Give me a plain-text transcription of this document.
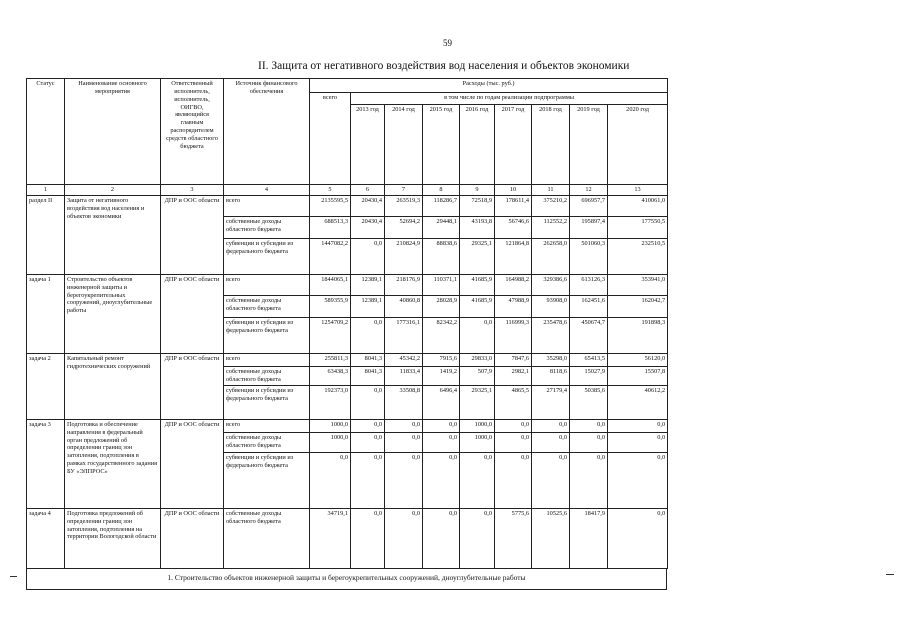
59
II. Защита от негативного воздействия вод населения и объектов экономики
Статус	Наименование основного мероприятия	Ответственный исполнитель, исполнитель, ОИГВО, являющийся главным распорядителем средств областного бюджета	Источник финансового обеспечения	Расходы (тыс. руб.)								
				всего	в том числе по годам реализации подпрограммы							
					2013 год	2014 год	2015 год	2016 год	2017 год	2018 год	2019 год	2020 год
1	2	3	4	5	6	7	8	9	10	11	12	13
раздел II	Защита от негативного воздействия вод населения и объектов экономики	ДПР и ООС области	всего	2135595,5	20430,4	263519,3	118286,7	72518,9	178611,4	375210,2	696957,7	410061,0
			собственные доходы областного бюджета	688513,3	20430,4	52694,2	29448,1	43193,8	56746,6	112552,2	195897,4	177550,5
			субвенции и субсидии из федерального бюджета	1447082,2	0,0	210824,9	88838,6	29325,1	121864,8	262658,0	501060,3	232510,5
задача 1	Строительство объектов инженерной защиты и берегоукрепительных сооружений, дноуглубительные работы	ДПР и ООС области	всего	1844065,1	12389,1	218176,9	110371,1	41685,9	164988,2	329386,6	613126,3	353941,0
			собственные доходы областного бюджета	589355,9	12389,1	40860,8	28028,9	41685,9	47988,9	93908,0	162451,6	162042,7
			субвенции и субсидии из федерального бюджета	1254709,2	0,0	177316,1	82342,2	0,0	116999,3	235478,6	450674,7	191898,3
задача 2	Капитальный ремонт гидротехнических сооружений	ДПР и ООС области	всего	255811,3	8041,3	45342,2	7915,6	29833,0	7847,6	35298,0	65413,5	56120,0
			собственные доходы областного бюджета	63438,3	8041,3	11833,4	1419,2	507,9	2982,1	8118,6	15027,9	15507,8
			субвенции и субсидии из федерального бюджета	192373,0	0,0	33508,8	6496,4	29325,1	4865,5	27179,4	50385,6	40612,2
задача 3	Подготовка и обеспечение направления в федеральный орган предложений об определении границ зон затопления, подтопления в рамках государственного задания БУ «ЭЛПРОС»	ДПР и ООС области	всего	1000,0	0,0	0,0	0,0	1000,0	0,0	0,0	0,0	0,0
			собственные доходы областного бюджета	1000,0	0,0	0,0	0,0	1000,0	0,0	0,0	0,0	0,0
			субвенции и субсидии из федерального бюджета	0,0	0,0	0,0	0,0	0,0	0,0	0,0	0,0	0,0
задача 4	Подготовка предложений об определении границ зон затопления, подтопления на территории Вологодской области	ДПР и ООС области	собственные доходы областного бюджета	34719,1	0,0	0,0	0,0	0,0	5775,6	10525,6	18417,9	0,0
1. Строительство объектов инженерной защиты и берегоукрепительных сооружений, дноуглубительные работы
